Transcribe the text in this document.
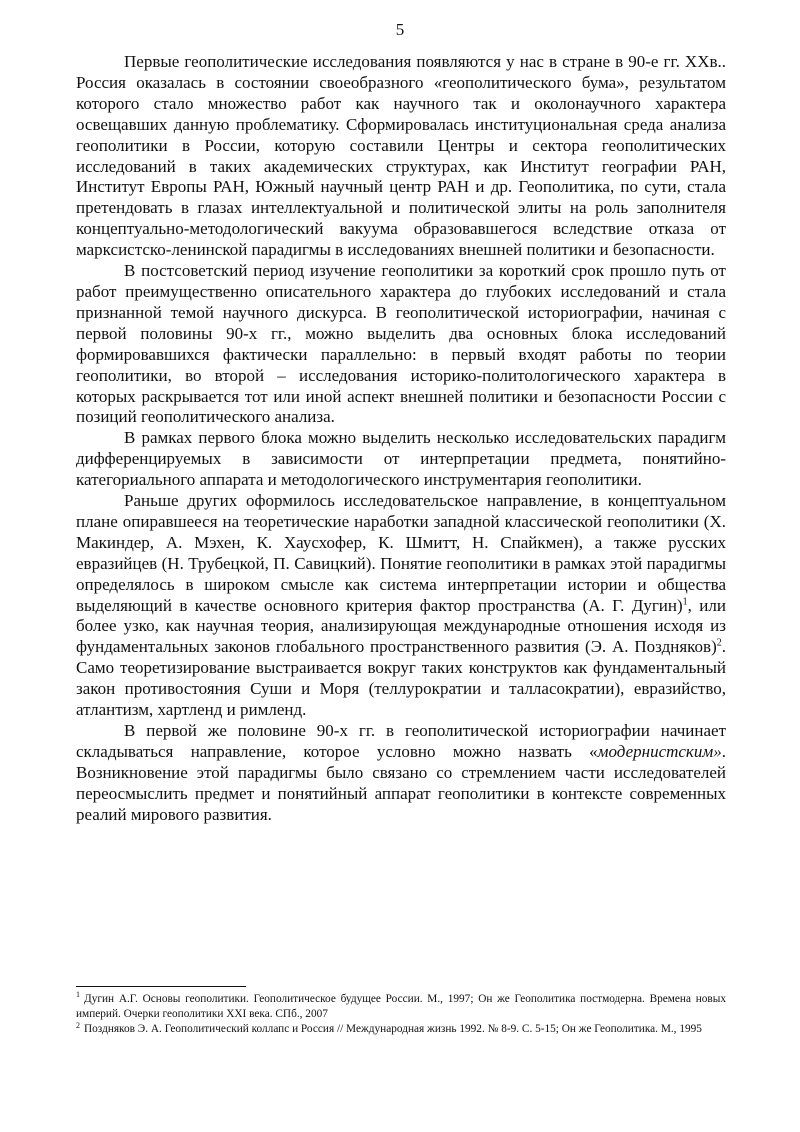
5

Первые геополитические исследования появляются у нас в стране в 90-е гг. XXв.. Россия оказалась в состоянии своеобразного «геополитического бума», результатом которого стало множество работ как научного так и околонаучного характера освещавших данную проблематику. Сформировалась институциональная среда анализа геополитики в России, которую составили Центры и сектора геополитических исследований в таких академических структурах, как Институт географии РАН, Институт Европы РАН, Южный научный центр РАН и др. Геополитика, по сути, стала претендовать в глазах интеллектуальной и политической элиты на роль заполнителя концептуально-методологический вакуума образовавшегося вследствие отказа от марксистско-ленинской парадигмы в исследованиях внешней политики и безопасности.

В постсоветский период изучение геополитики за короткий срок прошло путь от работ преимущественно описательного характера до глубоких исследований и стала признанной темой научного дискурса. В геополитической историографии, начиная с первой половины 90-х гг., можно выделить два основных блока исследований формировавшихся фактически параллельно: в первый входят работы по теории геополитики, во второй – исследования историко-политологического характера в которых раскрывается тот или иной аспект внешней политики и безопасности России с позиций геополитического анализа.

В рамках первого блока можно выделить несколько исследовательских парадигм дифференцируемых в зависимости от интерпретации предмета, понятийно-категориального аппарата и методологического инструментария геополитики.

Раньше других оформилось исследовательское направление, в концептуальном плане опиравшееся на теоретические наработки западной классической геополитики (Х. Макиндер, А. Мэхен, К. Хаусхофер, К. Шмитт, Н. Спайкмен), а также русских евразийцев (Н. Трубецкой, П. Савицкий). Понятие геополитики в рамках этой парадигмы определялось в широком смысле как система интерпретации истории и общества выделяющий в качестве основного критерия фактор пространства (А. Г. Дугин)$^1$, или более узко, как научная теория, анализирующая международные отношения исходя из фундаментальных законов глобального пространственного развития (Э. А. Поздняков)$^2$. Само теоретизирование выстраивается вокруг таких конструктов как фундаментальный закон противостояния Суши и Моря (теллурократии и талласократии), евразийство, атлантизм, хартленд и римленд.

В первой же половине 90-х гг. в геополитической историографии начинает складываться направление, которое условно можно назвать «модернистским». Возникновение этой парадигмы было связано со стремлением части исследователей переосмыслить предмет и понятийный аппарат геополитики в контексте современных реалий мирового развития.

$^1$ Дугин А.Г. Основы геополитики. Геополитическое будущее России. М., 1997; Он же Геополитика постмодерна. Времена новых империй. Очерки геополитики XXI века. СПб., 2007

$^2$ Поздняков Э. А. Геополитический коллапс и Россия // Международная жизнь 1992. № 8-9. С. 5-15; Он же Геополитика. М., 1995
